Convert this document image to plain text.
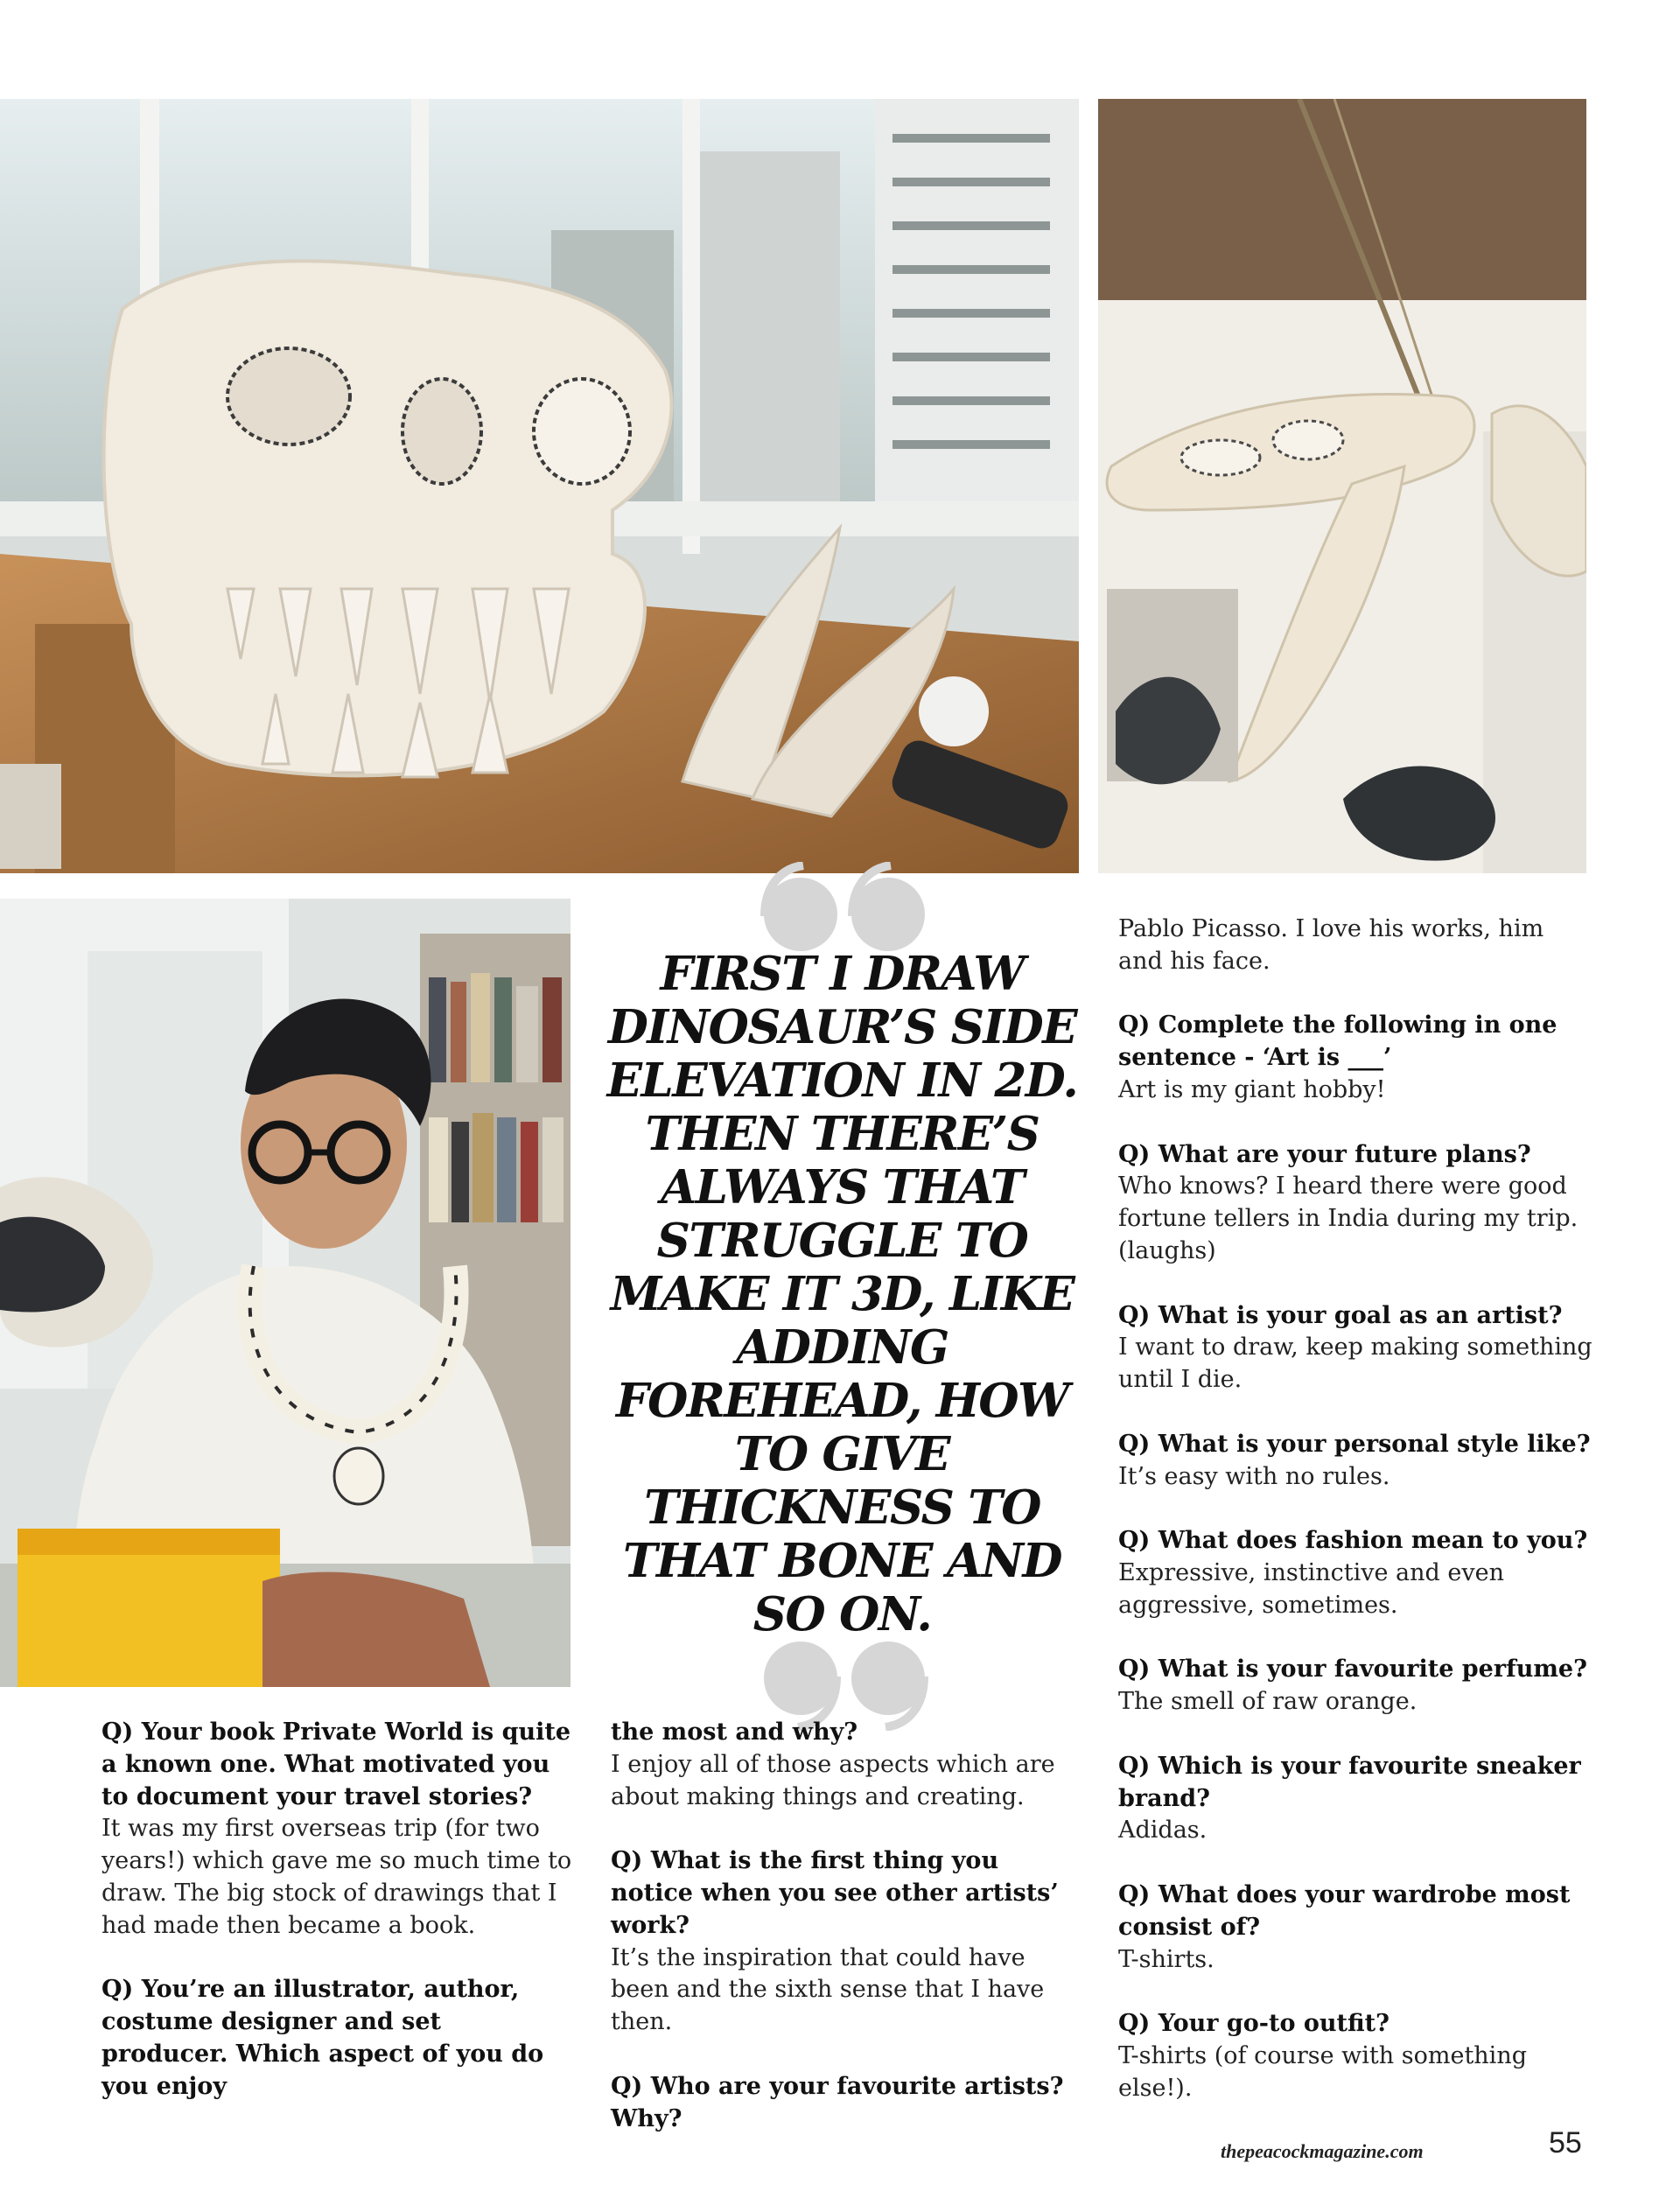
FIRST I DRAW DINOSAUR’S SIDE ELEVATION IN 2D. THEN THERE’S ALWAYS THAT STRUGGLE TO MAKE IT 3D, LIKE ADDING FOREHEAD, HOW TO GIVE THICKNESS TO THAT BONE AND SO ON.

Q) Your book Private World is quite a known one. What motivated you to document your travel stories?

It was my first overseas trip (for two years!) which gave me so much time to draw. The big stock of drawings that I had made then became a book.

Q) You’re an illustrator, author, costume designer and set producer. Which aspect of you do you enjoy

the most and why?

I enjoy all of those aspects which are about making things and creating.

Q) What is the first thing you notice when you see other artists’ work?

It’s the inspiration that could have been and the sixth sense that I have then.

Q) Who are your favourite artists? Why?

Pablo Picasso. I love his works, him and his face.

Q) Complete the following in one sentence - ‘Art is ___’

Art is my giant hobby!

Q) What are your future plans?

Who knows? I heard there were good fortune tellers in India during my trip. (laughs)

Q) What is your goal as an artist?

I want to draw, keep making something until I die.

Q) What is your personal style like?

It’s easy with no rules.

Q) What does fashion mean to you?

Expressive, instinctive and even aggressive, sometimes.

Q) What is your favourite perfume?

The smell of raw orange.

Q) Which is your favourite sneaker brand?

Adidas.

Q) What does your wardrobe most consist of?

T-shirts.

Q) Your go-to outfit?

T-shirts (of course with something else!).

thepeacockmagazine.com	55
